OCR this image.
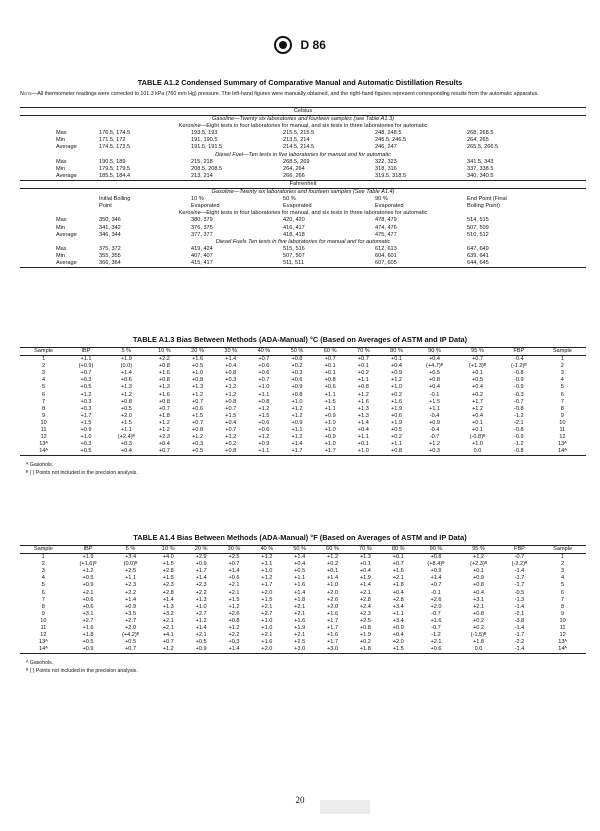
D 86
TABLE A1.2 Condensed Summary of Comparative Manual and Automatic Distillation Results
Note—All thermometer readings were corrected to 101.3 kPa (760 mm Hg) pressure. The left-hand figures were manually obtained, and the right-hand figures represent corresponding results from the automatic apparatus.
Celsius					
Gasoline—Twenty six laboratories and fourteen samples (see Table A1.3)					
Kerosine—Eight tests in four laboratories for manual, and six tests in three laboratories for automatic					
Max	176.5, 174.5	193.5, 193	215.5, 215.5	248, 248.5	268, 268.5
Min	171.5, 172	191, 190.5	213.5, 214	245.5, 246.5	264, 265
Average	174.5, 173.5	191.5, 191.5	214.5, 214.5	246, 247	265.5, 266.5
Diesel Fuel—Ten tests in five laboratories for manual and for automatic					
Max	190.5, 189	215, 218	268.5, 269	322, 323	341.5, 343
Min	179.5, 179.5	208.5, 208.5	264, 264	318, 316	337, 338.5
Average	185.5, 184.4	213, 214	266, 266	319.5, 318.5	340, 340.5
Fahrenheit					
Gasoline—Twenty six laboratories and fourteen samples (See Table A1.4)					
	Initial Boiling	10 %	50 %	90 %	End Point (Final
	Point	Evaporated	Evaporated	Evaporated	Boiling Point)
Kerosine—Eight tests in four laboratories for manual, and six tests in three laboratories for automatic					
Max	350, 346	380, 379	420, 420	478, 479	514, 515
Min	341, 342	376, 375	416, 417	474, 476	507, 509
Average	346, 344	377, 377	418, 418	475, 477	510, 512
Diesel Fuels Ten tests in five laboratories for manual and for automatic					
Max	375, 372	419, 424	515, 516	612, 613	647, 649
Min	355, 355	407, 407	507, 507	604, 601	639, 641
Average	366, 364	415, 417	511, 511	607, 605	644, 645
TABLE A1.3 Bias Between Methods (ADA-Manual) °C (Based on Averages of ASTM and IP Data)
Sample	IBP	5 %	10 %	20 %	30 %	40 %	50 %	60 %	70 %	80 %	90 %	95 %	FBP	Sample
1	+1.1	+1.9	+2.2	+1.6	+1.4	+0.7	+0.8	+0.7	+0.7	+0.1	+0.4	+0.7	-0.4	1
2	(+0.9)	(0.0)	+0.8	+0.5	+0.4	+0.6	+0.2	+0.1	+0.1	+0.4	(+4.7)ᴮ	(+1.3)ᴮ	(-1.2)ᴮ	2
3	+0.7	+1.4	+1.6	+1.0	+0.8	+0.6	+0.3	+0.1	+0.2	+0.9	+0.5	+0.1	-0.8	3
4	+0.3	+0.6	+0.8	+0.8	+0.3	+0.7	+0.6	+0.8	+1.1	+1.2	+0.8	+0.5	-0.9	4
5	+0.5	+1.3	+1.3	+1.3	+1.2	+1.0	+0.9	+0.6	+0.8	+1.0	+0.4	+0.4	-0.9	5
6	+1.2	+1.2	+1.6	+1.2	+1.2	+1.1	+0.8	+1.1	+1.2	+0.2	-0.1	+0.2	-0.3	6
7	+0.3	+0.8	+0.8	+0.7	+0.8	+0.8	+1.0	+1.5	+1.6	+1.6	+1.5	+1.7	-0.7	7
8	+0.3	+0.5	+0.7	+0.6	+0.7	+1.2	+1.2	+1.1	+1.3	+1.9	+1.1	+1.2	-0.8	8
9	+1.7	+2.0	+1.8	+1.5	+1.5	+1.5	+1.2	+0.9	+1.3	+0.6	-0.4	+0.4	-1.2	9
10	+1.5	+1.5	+1.2	+0.7	+0.4	+0.6	+0.9	+1.0	+1.4	+1.9	+0.9	+0.1	-2.1	10
11	+0.9	+1.1	+1.2	+0.8	+0.7	+0.6	+1.1	+1.0	+0.4	+0.5	-0.4	+0.1	-0.8	11
12	+1.0	(+2.4)ᴮ	+2.3	+1.2	+1.2	+1.2	+1.2	+0.9	+1.1	+0.2	-0.7	(-0.8)ᴮ	-0.9	12
13ᴬ	+0.3	+0.3	+0.4	+0.3	+0.2	+0.9	+1.4	+1.0	+0.1	+1.1	+1.2	+1.0	-1.2	13ᴬ
14ᴬ	+0.5	+0.4	+0.7	+0.5	+0.8	+1.1	+1.7	+1.7	+1.0	+0.8	+0.3	0.0	-0.8	14ᴬ
ᴬ Gasohols.
ᴮ ( ) Points not included in the precision analysis.
TABLE A1.4 Bias Between Methods (ADA-Manual) °F (Based on Averages of ASTM and IP Data)
Sample	IBP	5 %	10 %	20 %	30 %	40 %	50 %	60 %	70 %	80 %	90 %	95 %	FBP	Sample
1	+1.9	+3.4	+4.0	+2.9	+2.5	+1.2	+1.4	+1.2	+1.3	+0.1	+0.8	+1.2	-0.7	1
2	(+1.6)ᴮ	(0.0)ᴮ	+1.5	+0.9	+0.7	+1.1	+0.4	+0.2	+0.1	+0.7	(+8.4)ᴮ	(+2.3)ᴮ	(-2.2)ᴮ	2
3	+1.2	+2.5	+2.8	+1.7	+1.4	+1.0	+0.5	+0.1	+0.4	+1.6	+0.9	+0.1	-1.4	3
4	+0.5	+1.1	+1.5	+1.4	+0.6	+1.2	+1.1	+1.4	+1.9	+2.1	+1.4	+0.9	-1.7	4
5	+0.9	+2.3	+2.3	+2.3	+2.1	+1.7	+1.6	+1.0	+1.4	+1.8	+0.7	+0.8	-1.7	5
6	+2.1	+2.2	+2.8	+2.2	+2.1	+2.0	+1.4	+2.0	+2.1	+0.4	-0.1	+0.4	-0.5	6
7	+0.6	+1.4	+1.4	+1.3	+1.5	+1.5	+1.8	+2.6	+2.8	+2.8	+2.6	+3.1	-1.3	7
8	+0.6	+0.9	+1.3	+1.0	+1.2	+2.1	+2.1	+2.0	+2.4	+3.4	+2.0	+2.1	-1.4	8
9	+3.1	+3.5	+3.2	+2.7	+2.6	+2.7	+2.1	+1.6	+2.3	+1.1	-0.7	+0.8	-2.1	9
10	+2.7	+2.7	+2.1	+1.2	+0.8	+1.0	+1.6	+1.7	+2.5	+3.4	+1.6	+0.2	-3.8	10
11	+1.6	+2.0	+2.1	+1.4	+1.2	+1.0	+1.9	+1.7	+0.8	+0.9	-0.7	+0.2	-1.4	11
12	+1.8	(+4.2)ᴮ	+4.1	+2.1	+2.2	+2.1	+2.1	+1.6	+1.9	+0.4	-1.2	(-1.5)ᴮ	-1.7	12
13ᴬ	+0.5	+0.5	+0.7	+0.5	+0.3	+1.6	+2.5	+1.7	+0.2	+2.0	+2.1	+1.8	-2.2	13ᴬ
14ᴬ	+0.9	+0.7	+1.2	+0.9	+1.4	+2.0	+3.0	+3.0	+1.8	+1.5	+0.6	0.0	-1.4	14ᴬ
ᴬ Gasohols.
ᴮ ( ) Points not included in the precision analysis.
20
